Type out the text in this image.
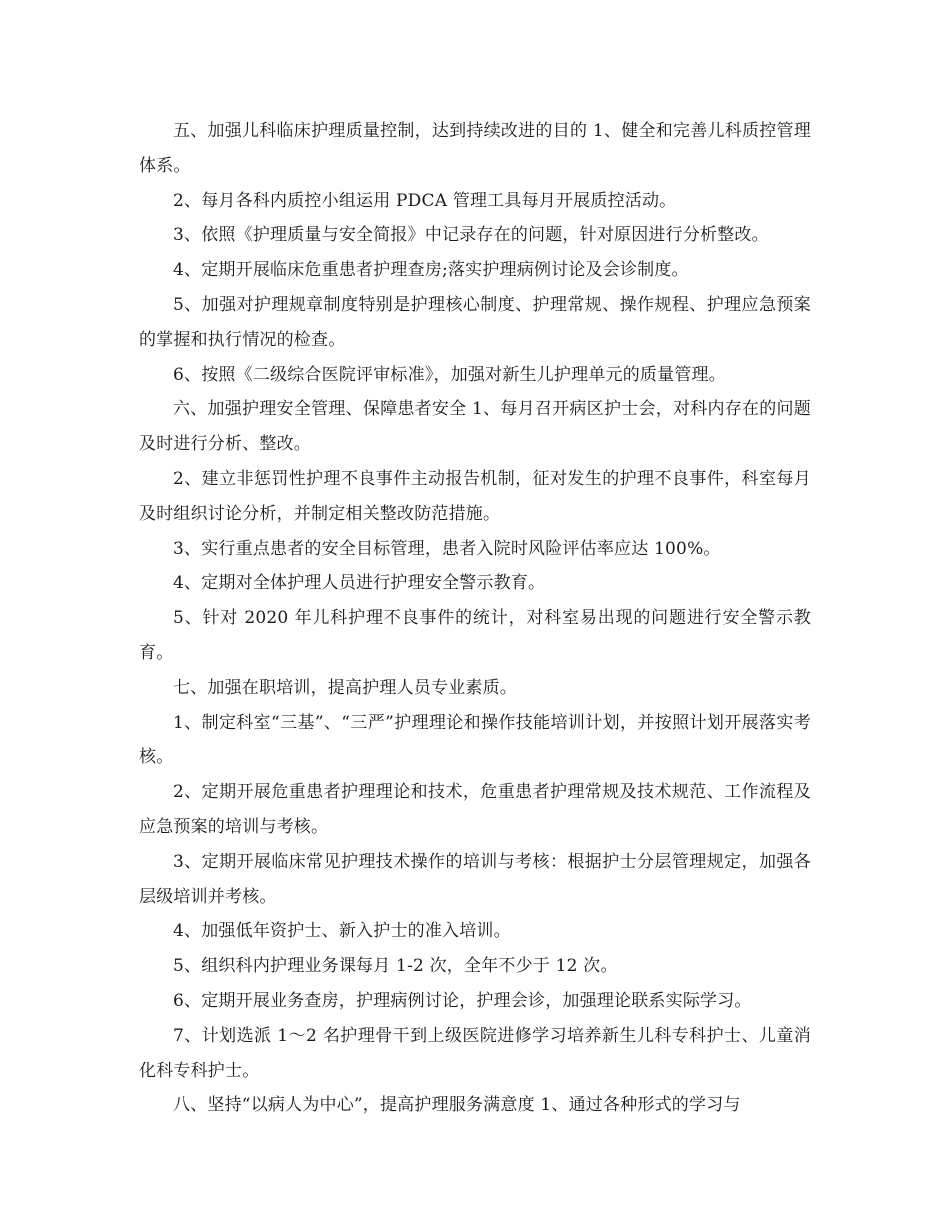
五、加强儿科临床护理质量控制，达到持续改进的目的 1、健全和完善儿科质控管理体系。

2、每月各科内质控小组运用 PDCA 管理工具每月开展质控活动。

3、依照《护理质量与安全简报》中记录存在的问题，针对原因进行分析整改。

4、定期开展临床危重患者护理查房;落实护理病例讨论及会诊制度。

5、加强对护理规章制度特别是护理核心制度、护理常规、操作规程、护理应急预案的掌握和执行情况的检查。

6、按照《二级综合医院评审标准》，加强对新生儿护理单元的质量管理。

六、加强护理安全管理、保障患者安全 1、每月召开病区护士会，对科内存在的问题及时进行分析、整改。

2、建立非惩罚性护理不良事件主动报告机制，征对发生的护理不良事件，科室每月及时组织讨论分析，并制定相关整改防范措施。

3、实行重点患者的安全目标管理，患者入院时风险评估率应达 100%。

4、定期对全体护理人员进行护理安全警示教育。

5、针对 2020 年儿科护理不良事件的统计，对科室易出现的问题进行安全警示教育。

七、加强在职培训，提高护理人员专业素质。

1、制定科室“三基”、“三严”护理理论和操作技能培训计划，并按照计划开展落实考核。

2、定期开展危重患者护理理论和技术，危重患者护理常规及技术规范、工作流程及应急预案的培训与考核。

3、定期开展临床常见护理技术操作的培训与考核：根据护士分层管理规定，加强各层级培训并考核。

4、加强低年资护士、新入护士的准入培训。

5、组织科内护理业务课每月 1-2 次，全年不少于 12 次。

6、定期开展业务查房，护理病例讨论，护理会诊，加强理论联系实际学习。

7、计划选派 1～2 名护理骨干到上级医院进修学习培养新生儿科专科护士、儿童消化科专科护士。

八、坚持“以病人为中心”，提高护理服务满意度 1、通过各种形式的学习与
